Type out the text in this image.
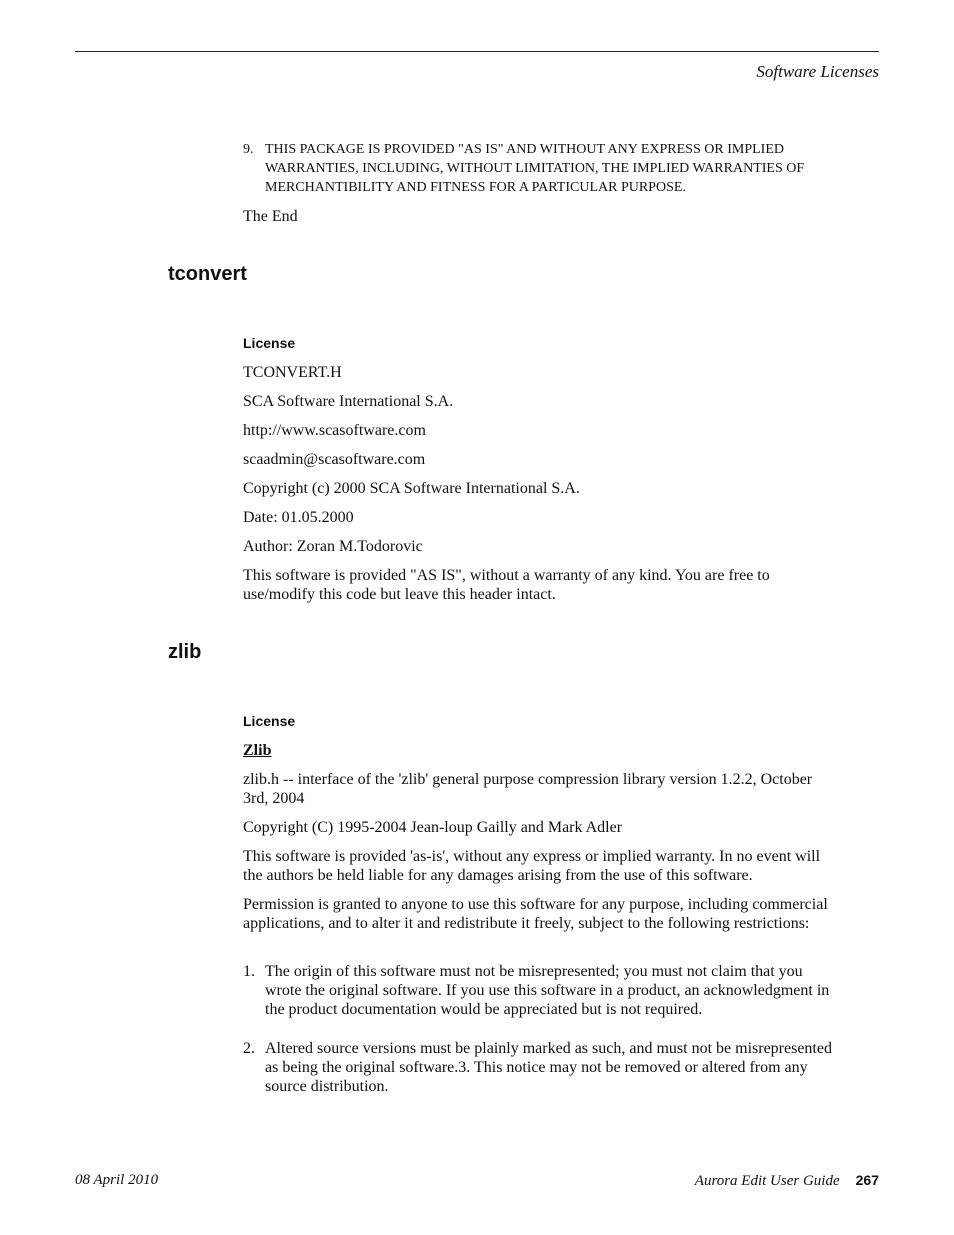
Software Licenses
9. THIS PACKAGE IS PROVIDED "AS IS" AND WITHOUT ANY EXPRESS OR IMPLIED WARRANTIES, INCLUDING, WITHOUT LIMITATION, THE IMPLIED WARRANTIES OF MERCHANTIBILITY AND FITNESS FOR A PARTICULAR PURPOSE.
The End
tconvert
License
TCONVERT.H
SCA Software International S.A.
http://www.scasoftware.com
scaadmin@scasoftware.com
Copyright (c) 2000 SCA Software International S.A.
Date: 01.05.2000
Author: Zoran M.Todorovic
This software is provided "AS IS", without a warranty of any kind. You are free to use/modify this code but leave this header intact.
zlib
License
Zlib
zlib.h -- interface of the 'zlib' general purpose compression library version 1.2.2, October 3rd, 2004
Copyright (C) 1995-2004 Jean-loup Gailly and Mark Adler
This software is provided 'as-is', without any express or implied warranty. In no event will the authors be held liable for any damages arising from the use of this software.
Permission is granted to anyone to use this software for any purpose, including commercial applications, and to alter it and redistribute it freely, subject to the following restrictions:
1. The origin of this software must not be misrepresented; you must not claim that you wrote the original software. If you use this software in a product, an acknowledgment in the product documentation would be appreciated but is not required.
2. Altered source versions must be plainly marked as such, and must not be misrepresented as being the original software.3. This notice may not be removed or altered from any source distribution.
08 April 2010	Aurora Edit User Guide 267
